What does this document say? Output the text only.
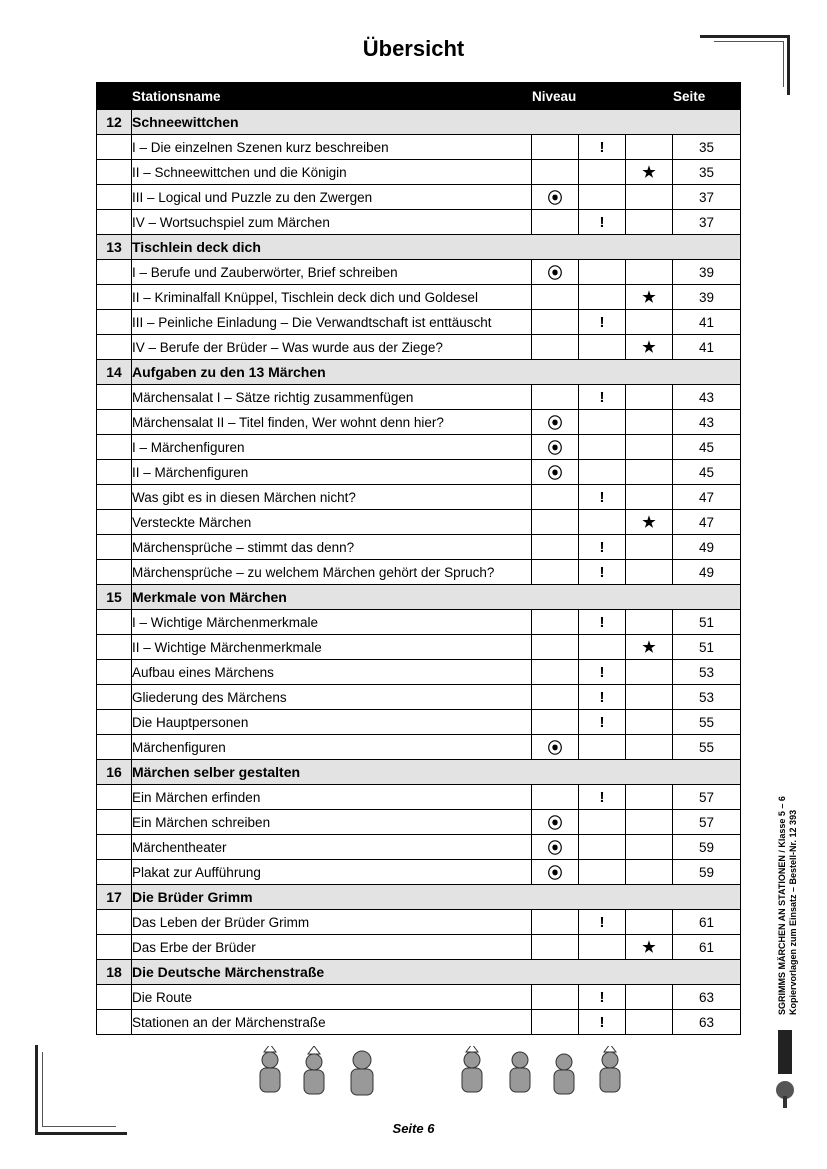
Übersicht
	Stationsname	Niveau			Seite
12	Schneewittchen				
	I – Die einzelnen Szenen kurz beschreiben		!		35
	II – Schneewittchen und die Königin			★	35
	III – Logical und Puzzle zu den Zwergen	⦿			37
	IV – Wortsuchspiel zum Märchen		!		37
13	Tischlein deck dich				
	I – Berufe und Zauberwörter, Brief schreiben	⦿			39
	II – Kriminalfall Knüppel, Tischlein deck dich und Goldesel			★	39
	III – Peinliche Einladung – Die Verwandtschaft ist enttäuscht		!		41
	IV – Berufe der Brüder – Was wurde aus der Ziege?			★	41
14	Aufgaben zu den 13 Märchen				
	Märchensalat I – Sätze richtig zusammenfügen		!		43
	Märchensalat II – Titel finden, Wer wohnt denn hier?	⦿			43
	I – Märchenfiguren	⦿			45
	II – Märchenfiguren	⦿			45
	Was gibt es in diesen Märchen nicht?		!		47
	Versteckte Märchen			★	47
	Märchensprüche – stimmt das denn?		!		49
	Märchensprüche – zu welchem Märchen gehört der Spruch?		!		49
15	Merkmale von Märchen				
	I – Wichtige Märchenmerkmale		!		51
	II – Wichtige Märchenmerkmale			★	51
	Aufbau eines Märchens		!		53
	Gliederung des Märchens		!		53
	Die Hauptpersonen		!		55
	Märchenfiguren	⦿			55
16	Märchen selber gestalten				
	Ein Märchen erfinden		!		57
	Ein Märchen schreiben	⦿			57
	Märchentheater	⦿			59
	Plakat zur Aufführung	⦿			59
17	Die Brüder Grimm				
	Das Leben der Brüder Grimm		!		61
	Das Erbe der Brüder			★	61
18	Die Deutsche Märchenstraße				
	Die Route		!		63
	Stationen an der Märchenstraße		!		63
SGRIMMS MÄRCHEN AN STATIONEN / Klasse 5 – 6 Kopiervorlagen zum Einsatz – Bestell-Nr. 12 393
Seite 6
